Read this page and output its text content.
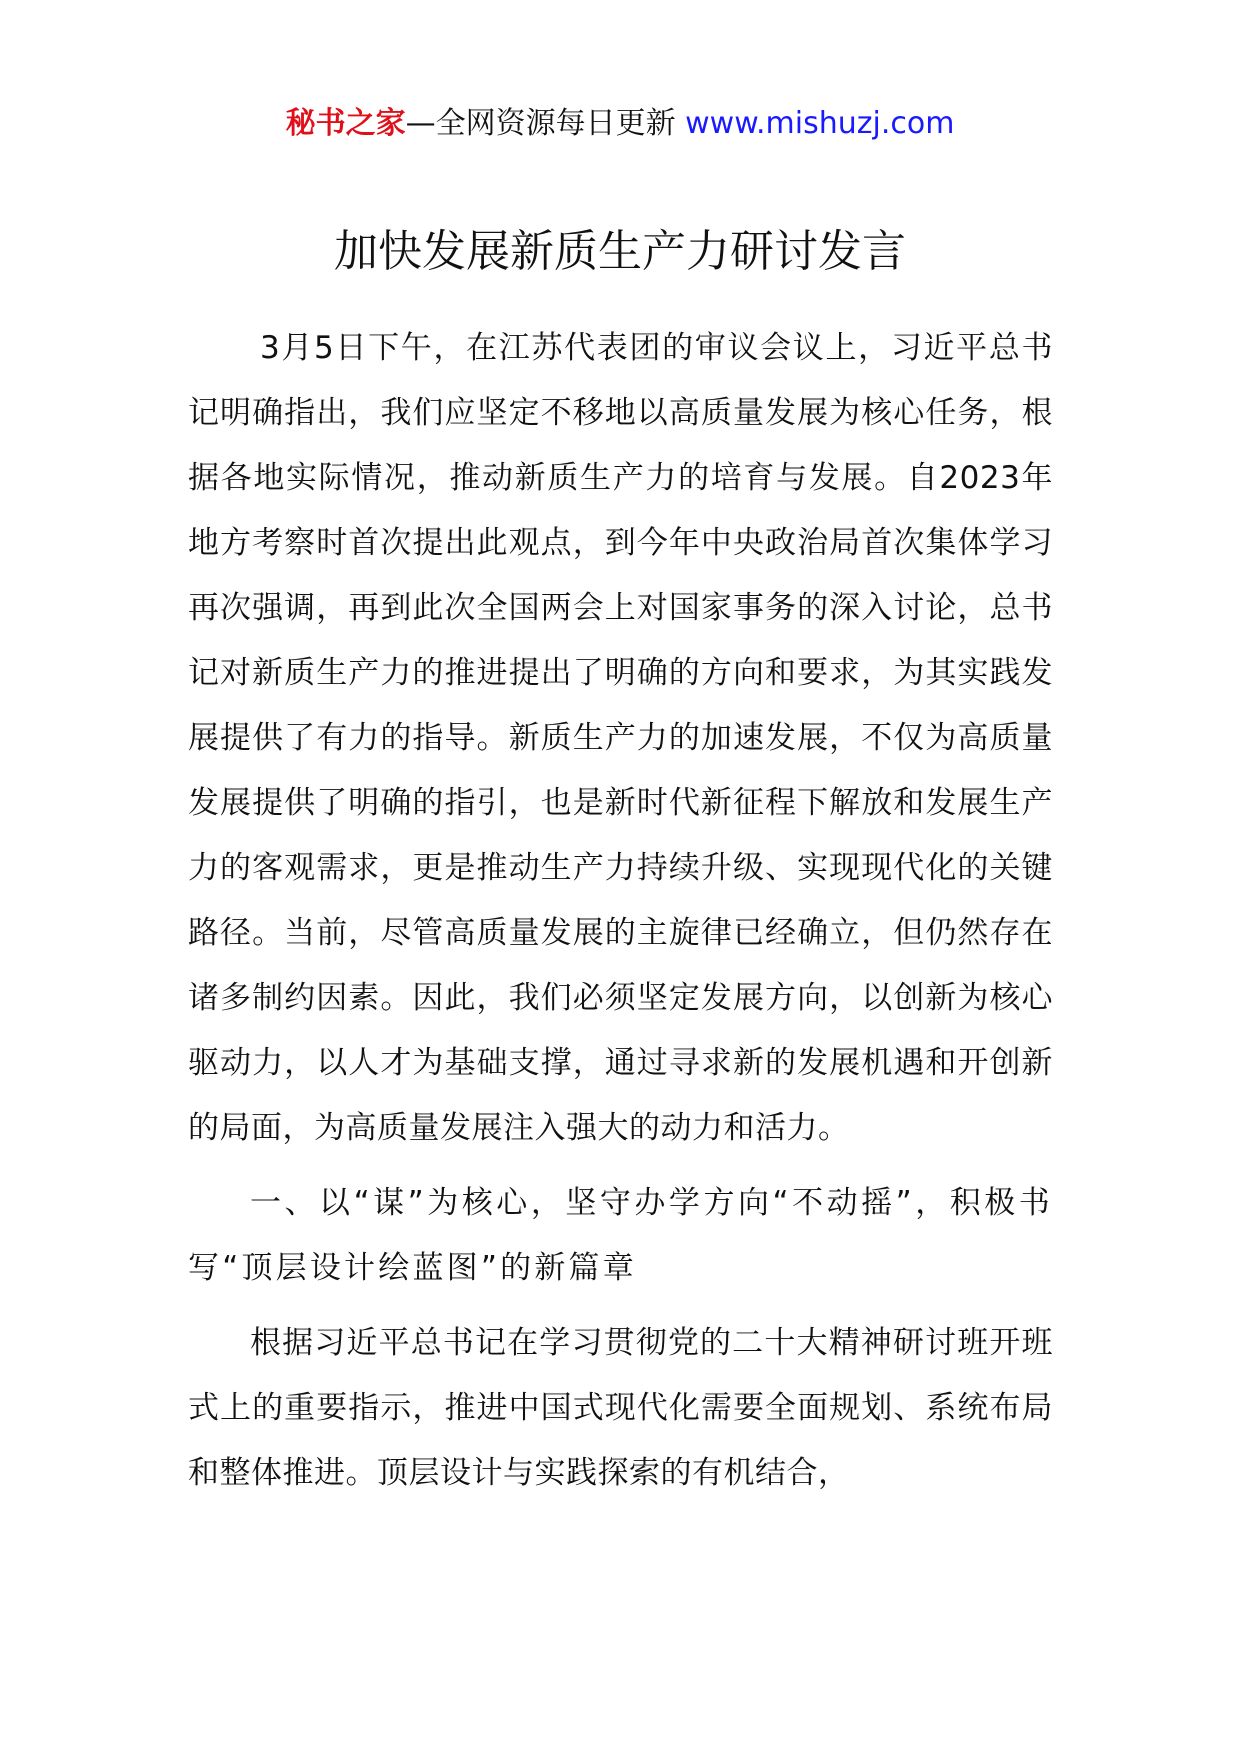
秘书之家—全网资源每日更新 www.mishuzj.com
加快发展新质生产力研讨发言

3月5日下午，在江苏代表团的审议会议上，习近平总书记明确指出，我们应坚定不移地以高质量发展为核心任务，根据各地实际情况，推动新质生产力的培育与发展。自2023年地方考察时首次提出此观点，到今年中央政治局首次集体学习再次强调，再到此次全国两会上对国家事务的深入讨论，总书记对新质生产力的推进提出了明确的方向和要求，为其实践发展提供了有力的指导。新质生产力的加速发展，不仅为高质量发展提供了明确的指引，也是新时代新征程下解放和发展生产力的客观需求，更是推动生产力持续升级、实现现代化的关键路径。当前，尽管高质量发展的主旋律已经确立，但仍然存在诸多制约因素。因此，我们必须坚定发展方向，以创新为核心驱动力，以人才为基础支撑，通过寻求新的发展机遇和开创新的局面，为高质量发展注入强大的动力和活力。

一、以“谋”为核心，坚守办学方向“不动摇”，积极书写“顶层设计绘蓝图”的新篇章

根据习近平总书记在学习贯彻党的二十大精神研讨班开班式上的重要指示，推进中国式现代化需要全面规划、系统布局和整体推进。顶层设计与实践探索的有机结合，
